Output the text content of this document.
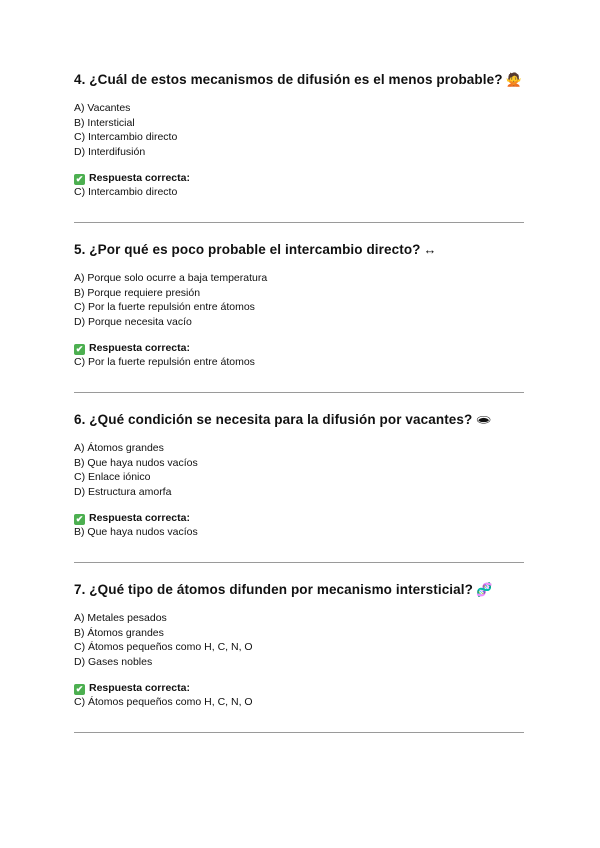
4. ¿Cuál de estos mecanismos de difusión es el menos probable? 🙅
A) Vacantes
B) Intersticial
C) Intercambio directo
D) Interdifusión
✔ Respuesta correcta:
C) Intercambio directo
5. ¿Por qué es poco probable el intercambio directo? ↔
A) Porque solo ocurre a baja temperatura
B) Porque requiere presión
C) Por la fuerte repulsión entre átomos
D) Porque necesita vacío
✔ Respuesta correcta:
C) Por la fuerte repulsión entre átomos
6. ¿Qué condición se necesita para la difusión por vacantes? 🕳
A) Átomos grandes
B) Que haya nudos vacíos
C) Enlace iónico
D) Estructura amorfa
✔ Respuesta correcta:
B) Que haya nudos vacíos
7. ¿Qué tipo de átomos difunden por mecanismo intersticial? 🧬
A) Metales pesados
B) Átomos grandes
C) Átomos pequeños como H, C, N, O
D) Gases nobles
✔ Respuesta correcta:
C) Átomos pequeños como H, C, N, O
